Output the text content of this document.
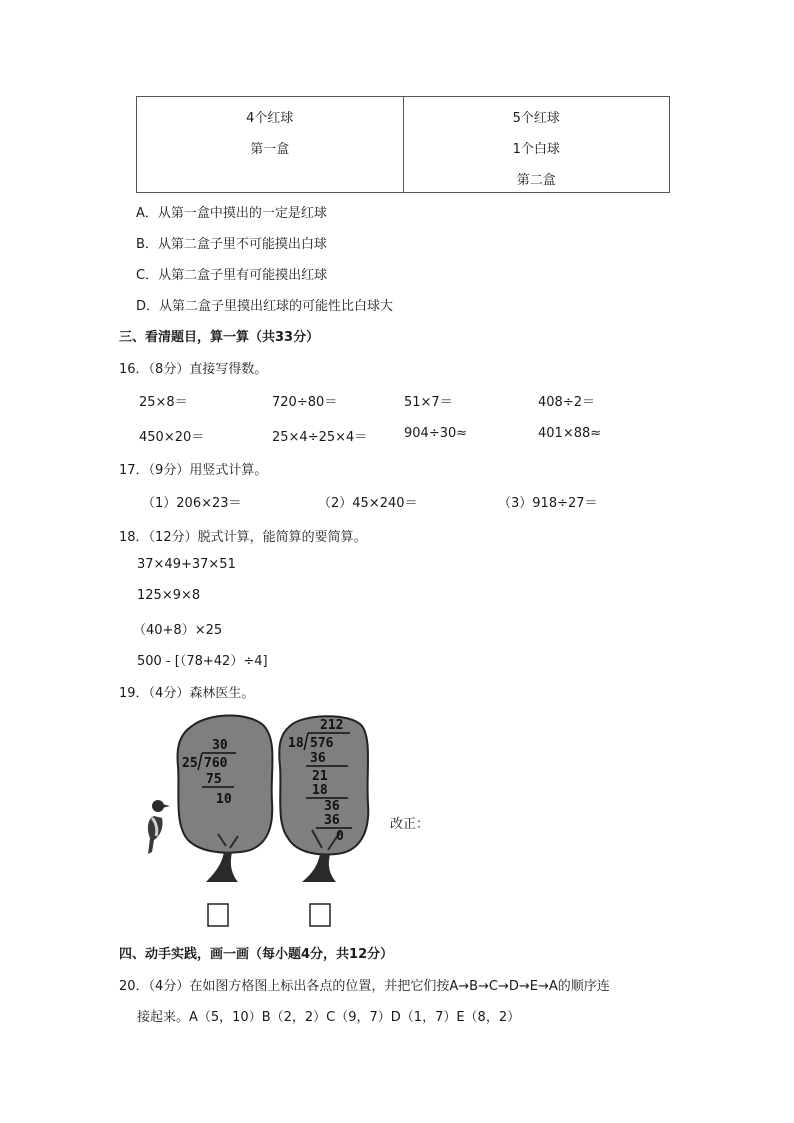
4个红球
第一盒
5个红球
1个白球
第二盒
A．从第一盒中摸出的一定是红球
B．从第二盒子里不可能摸出白球
C．从第二盒子里有可能摸出红球
D．从第二盒子里摸出红球的可能性比白球大
三、看清题目，算一算（共33分）
16．（8分）直接写得数。
25×8＝	720÷80＝	51×7＝	408÷2＝
450×20＝	25×4÷25×4＝	904÷30≈	401×88≈
17．（9分）用竖式计算。
（1）206×23＝	（2）45×240＝	（3）918÷27＝
18．（12分）脱式计算，能简算的要简算。
37×49+37×51
125×9×8
（40+8）×25
500 - [（78+42）÷4]
19．（4分）森林医生。
30
25 760
75
10
212
18 576
36
21
18
36
36
0
改正：
四、动手实践，画一画（每小题4分，共12分）
20．（4分）在如图方格图上标出各点的位置，并把它们按A→B→C→D→E→A的顺序连
接起来。A（5，10）B（2，2）C（9，7）D（1，7）E（8，2）
